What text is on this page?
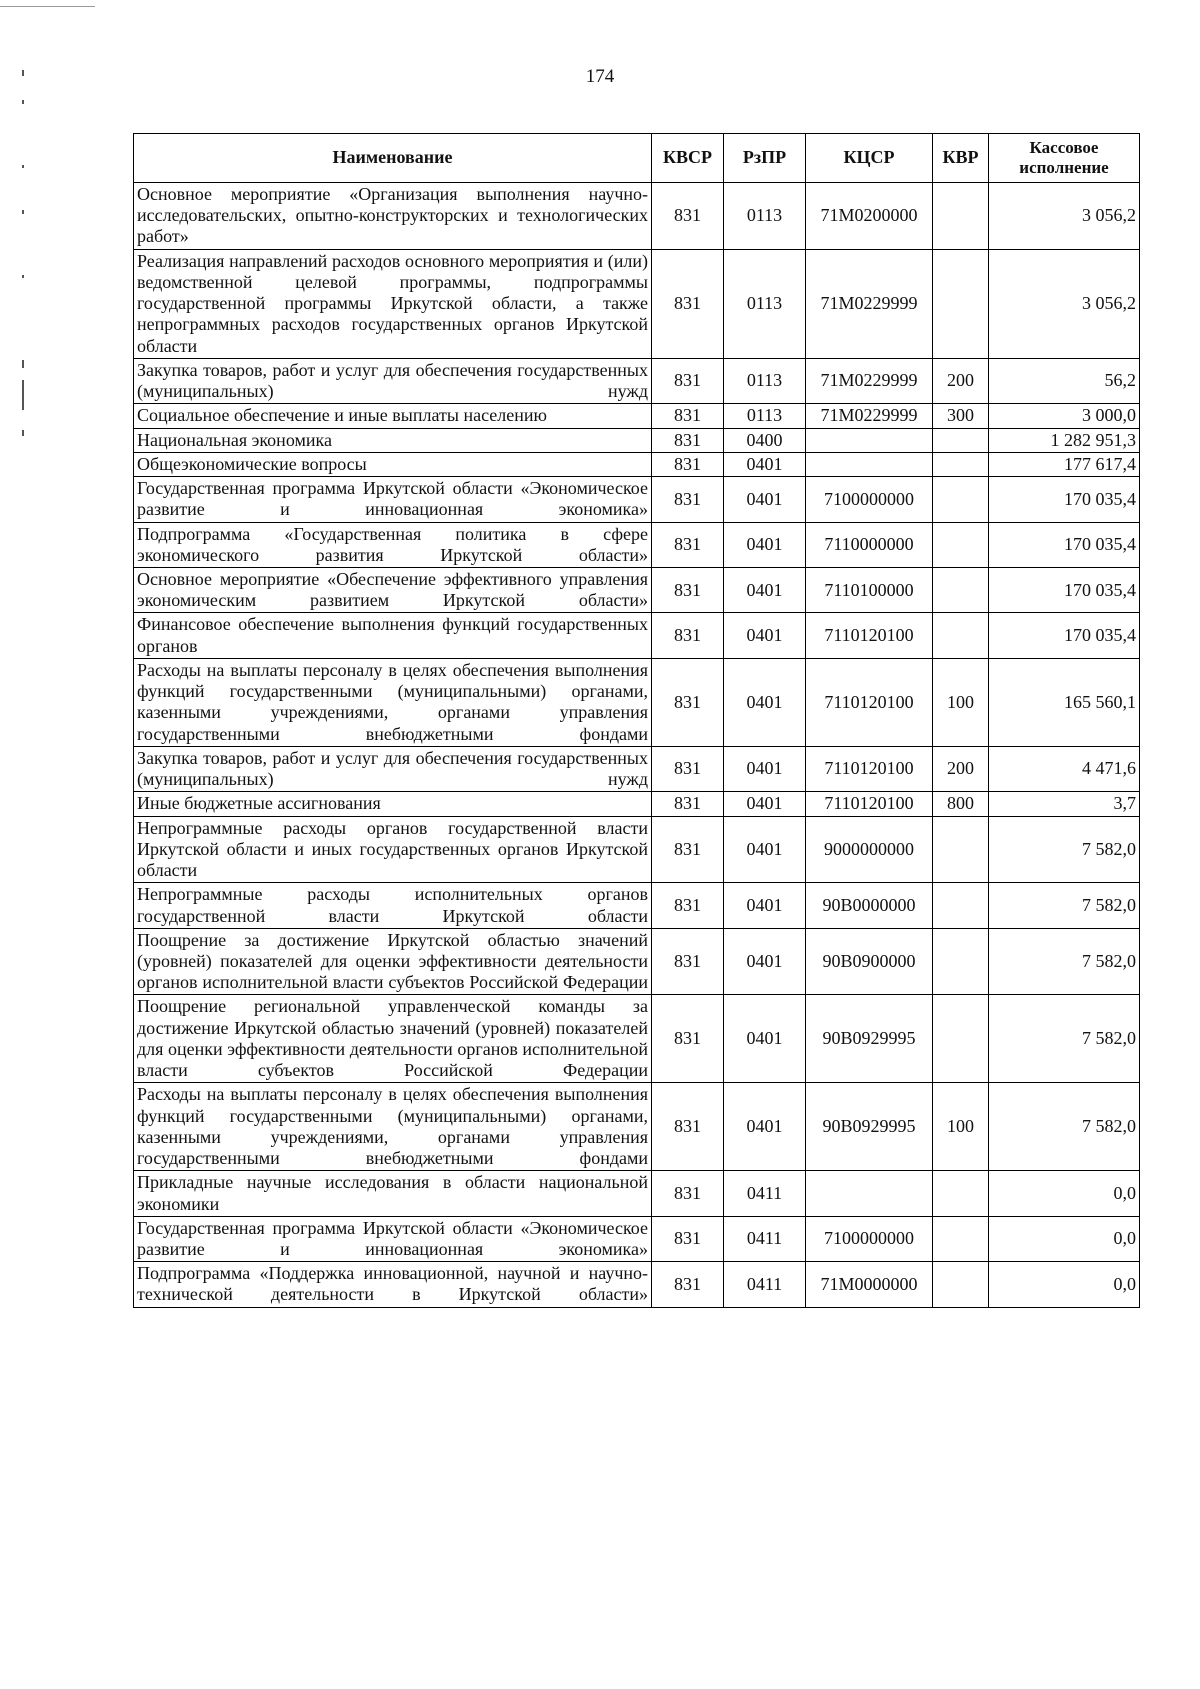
174
Наименование	КВСР	РзПР	КЦСР	КВР	Кассовое исполнение
Основное мероприятие «Организация выполнения научно-исследовательских, опытно-конструкторских и технологических работ»	831	0113	71М0200000		3 056,2
Реализация направлений расходов основного мероприятия и (или) ведомственной целевой программы, подпрограммы государственной программы Иркутской области, а также непрограммных расходов государственных органов Иркутской области	831	0113	71М0229999		3 056,2
Закупка товаров, работ и услуг для обеспечения государственных (муниципальных) нужд	831	0113	71М0229999	200	56,2
Социальное обеспечение и иные выплаты населению	831	0113	71М0229999	300	3 000,0
Национальная экономика	831	0400			1 282 951,3
Общеэкономические вопросы	831	0401			177 617,4
Государственная программа Иркутской области «Экономическое развитие и инновационная экономика»	831	0401	7100000000		170 035,4
Подпрограмма «Государственная политика в сфере экономического развития Иркутской области»	831	0401	7110000000		170 035,4
Основное мероприятие «Обеспечение эффективного управления экономическим развитием Иркутской области»	831	0401	7110100000		170 035,4
Финансовое обеспечение выполнения функций государственных органов	831	0401	7110120100		170 035,4
Расходы на выплаты персоналу в целях обеспечения выполнения функций государственными (муниципальными) органами, казенными учреждениями, органами управления государственными внебюджетными фондами	831	0401	7110120100	100	165 560,1
Закупка товаров, работ и услуг для обеспечения государственных (муниципальных) нужд	831	0401	7110120100	200	4 471,6
Иные бюджетные ассигнования	831	0401	7110120100	800	3,7
Непрограммные расходы органов государственной власти Иркутской области и иных государственных органов Иркутской области	831	0401	9000000000		7 582,0
Непрограммные расходы исполнительных органов государственной власти Иркутской области	831	0401	90В0000000		7 582,0
Поощрение за достижение Иркутской областью значений (уровней) показателей для оценки эффективности деятельности органов исполнительной власти субъектов Российской Федерации	831	0401	90В0900000		7 582,0
Поощрение региональной управленческой команды за достижение Иркутской областью значений (уровней) показателей для оценки эффективности деятельности органов исполнительной власти субъектов Российской Федерации	831	0401	90В0929995		7 582,0
Расходы на выплаты персоналу в целях обеспечения выполнения функций государственными (муниципальными) органами, казенными учреждениями, органами управления государственными внебюджетными фондами	831	0401	90В0929995	100	7 582,0
Прикладные научные исследования в области национальной экономики	831	0411			0,0
Государственная программа Иркутской области «Экономическое развитие и инновационная экономика»	831	0411	7100000000		0,0
Подпрограмма «Поддержка инновационной, научной и научно-технической деятельности в Иркутской области»	831	0411	71М0000000		0,0
